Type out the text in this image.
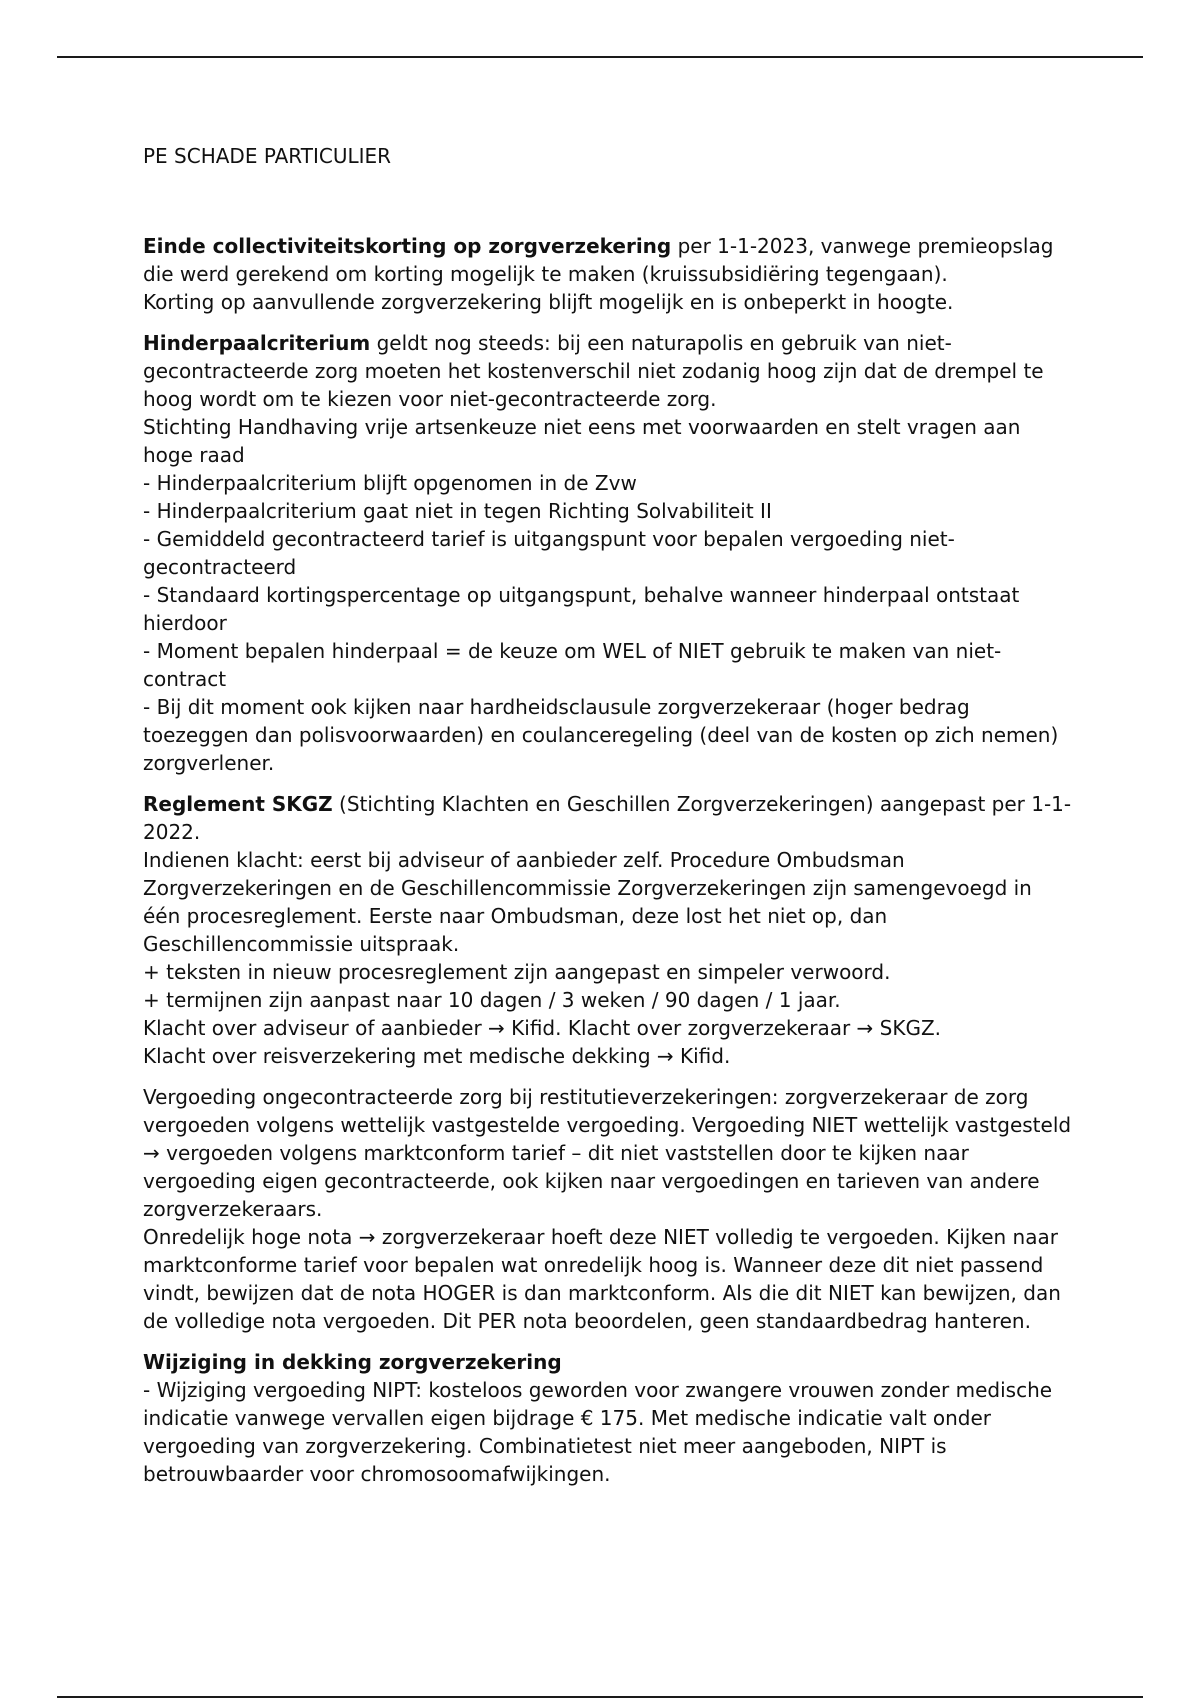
PE SCHADE PARTICULIER

Einde collectiviteitskorting op zorgverzekering per 1-1-2023, vanwege premieopslag die werd gerekend om korting mogelijk te maken (kruissubsidiëring tegengaan).
Korting op aanvullende zorgverzekering blijft mogelijk en is onbeperkt in hoogte.
Hinderpaalcriterium geldt nog steeds: bij een naturapolis en gebruik van niet-gecontracteerde zorg moeten het kostenverschil niet zodanig hoog zijn dat de drempel te hoog wordt om te kiezen voor niet-gecontracteerde zorg.
Stichting Handhaving vrije artsenkeuze niet eens met voorwaarden en stelt vragen aan hoge raad
- Hinderpaalcriterium blijft opgenomen in de Zvw
- Hinderpaalcriterium gaat niet in tegen Richting Solvabiliteit II
- Gemiddeld gecontracteerd tarief is uitgangspunt voor bepalen vergoeding niet-gecontracteerd
- Standaard kortingspercentage op uitgangspunt, behalve wanneer hinderpaal ontstaat hierdoor
- Moment bepalen hinderpaal = de keuze om WEL of NIET gebruik te maken van niet-contract
- Bij dit moment ook kijken naar hardheidsclausule zorgverzekeraar (hoger bedrag toezeggen dan polisvoorwaarden) en coulanceregeling (deel van de kosten op zich nemen) zorgverlener.
Reglement SKGZ (Stichting Klachten en Geschillen Zorgverzekeringen) aangepast per 1-1-2022.
Indienen klacht: eerst bij adviseur of aanbieder zelf. Procedure Ombudsman Zorgverzekeringen en de Geschillencommissie Zorgverzekeringen zijn samengevoegd in één procesreglement. Eerste naar Ombudsman, deze lost het niet op, dan Geschillencommissie uitspraak.
+ teksten in nieuw procesreglement zijn aangepast en simpeler verwoord.
+ termijnen zijn aanpast naar 10 dagen / 3 weken / 90 dagen / 1 jaar.
Klacht over adviseur of aanbieder → Kifid. Klacht over zorgverzekeraar → SKGZ.
Klacht over reisverzekering met medische dekking → Kifid.
Vergoeding ongecontracteerde zorg bij restitutieverzekeringen: zorgverzekeraar de zorg vergoeden volgens wettelijk vastgestelde vergoeding. Vergoeding NIET wettelijk vastgesteld → vergoeden volgens marktconform tarief – dit niet vaststellen door te kijken naar vergoeding eigen gecontracteerde, ook kijken naar vergoedingen en tarieven van andere zorgverzekeraars.
Onredelijk hoge nota → zorgverzekeraar hoeft deze NIET volledig te vergoeden. Kijken naar marktconforme tarief voor bepalen wat onredelijk hoog is. Wanneer deze dit niet passend vindt, bewijzen dat de nota HOGER is dan marktconform. Als die dit NIET kan bewijzen, dan de volledige nota vergoeden. Dit PER nota beoordelen, geen standaardbedrag hanteren.
Wijziging in dekking zorgverzekering
- Wijziging vergoeding NIPT: kosteloos geworden voor zwangere vrouwen zonder medische indicatie vanwege vervallen eigen bijdrage € 175. Met medische indicatie valt onder vergoeding van zorgverzekering. Combinatietest niet meer aangeboden, NIPT is betrouwbaarder voor chromosoomafwijkingen.
